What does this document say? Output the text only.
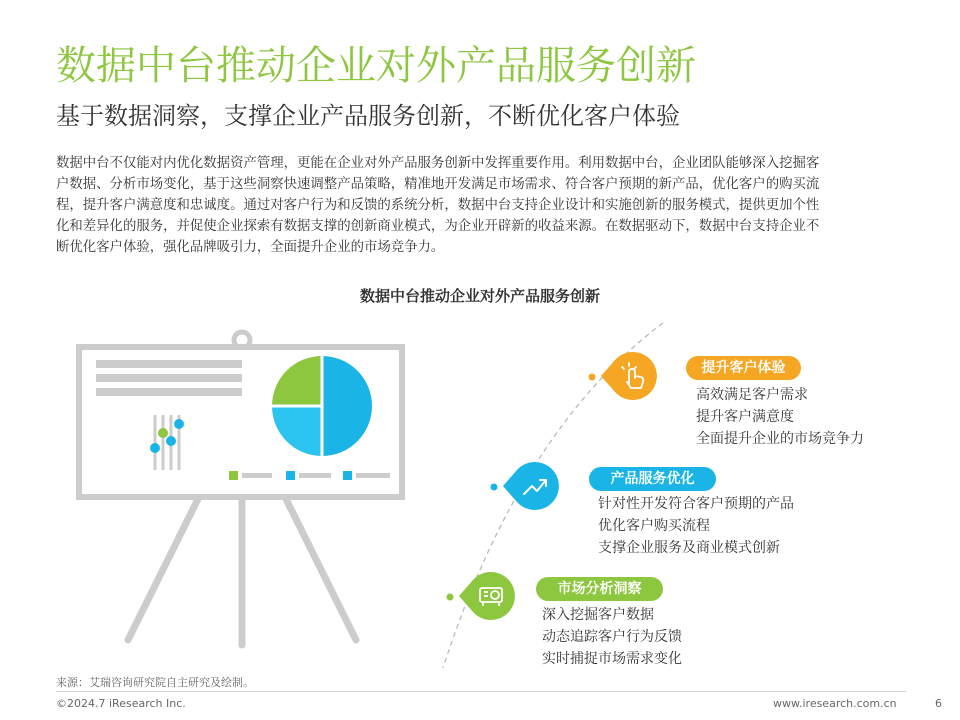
数据中台推动企业对外产品服务创新
基于数据洞察，支撑企业产品服务创新，不断优化客户体验
数据中台不仅能对内优化数据资产管理，更能在企业对外产品服务创新中发挥重要作用。利用数据中台，企业团队能够深入挖掘客
户数据、分析市场变化，基于这些洞察快速调整产品策略，精准地开发满足市场需求、符合客户预期的新产品，优化客户的购买流
程，提升客户满意度和忠诚度。通过对客户行为和反馈的系统分析，数据中台支持企业设计和实施创新的服务模式，提供更加个性
化和差异化的服务，并促使企业探索有数据支撑的创新商业模式，为企业开辟新的收益来源。在数据驱动下，数据中台支持企业不
断优化客户体验，强化品牌吸引力，全面提升企业的市场竞争力。
数据中台推动企业对外产品服务创新
提升客户体验
高效满足客户需求
提升客户满意度
全面提升企业的市场竞争力
产品服务优化
针对性开发符合客户预期的产品
优化客户购买流程
支撑企业服务及商业模式创新
市场分析洞察
深入挖掘客户数据
动态追踪客户行为反馈
实时捕捉市场需求变化
来源：艾瑞咨询研究院自主研究及绘制。
©2024.7 iResearch Inc.	www.iresearch.com.cn	6
